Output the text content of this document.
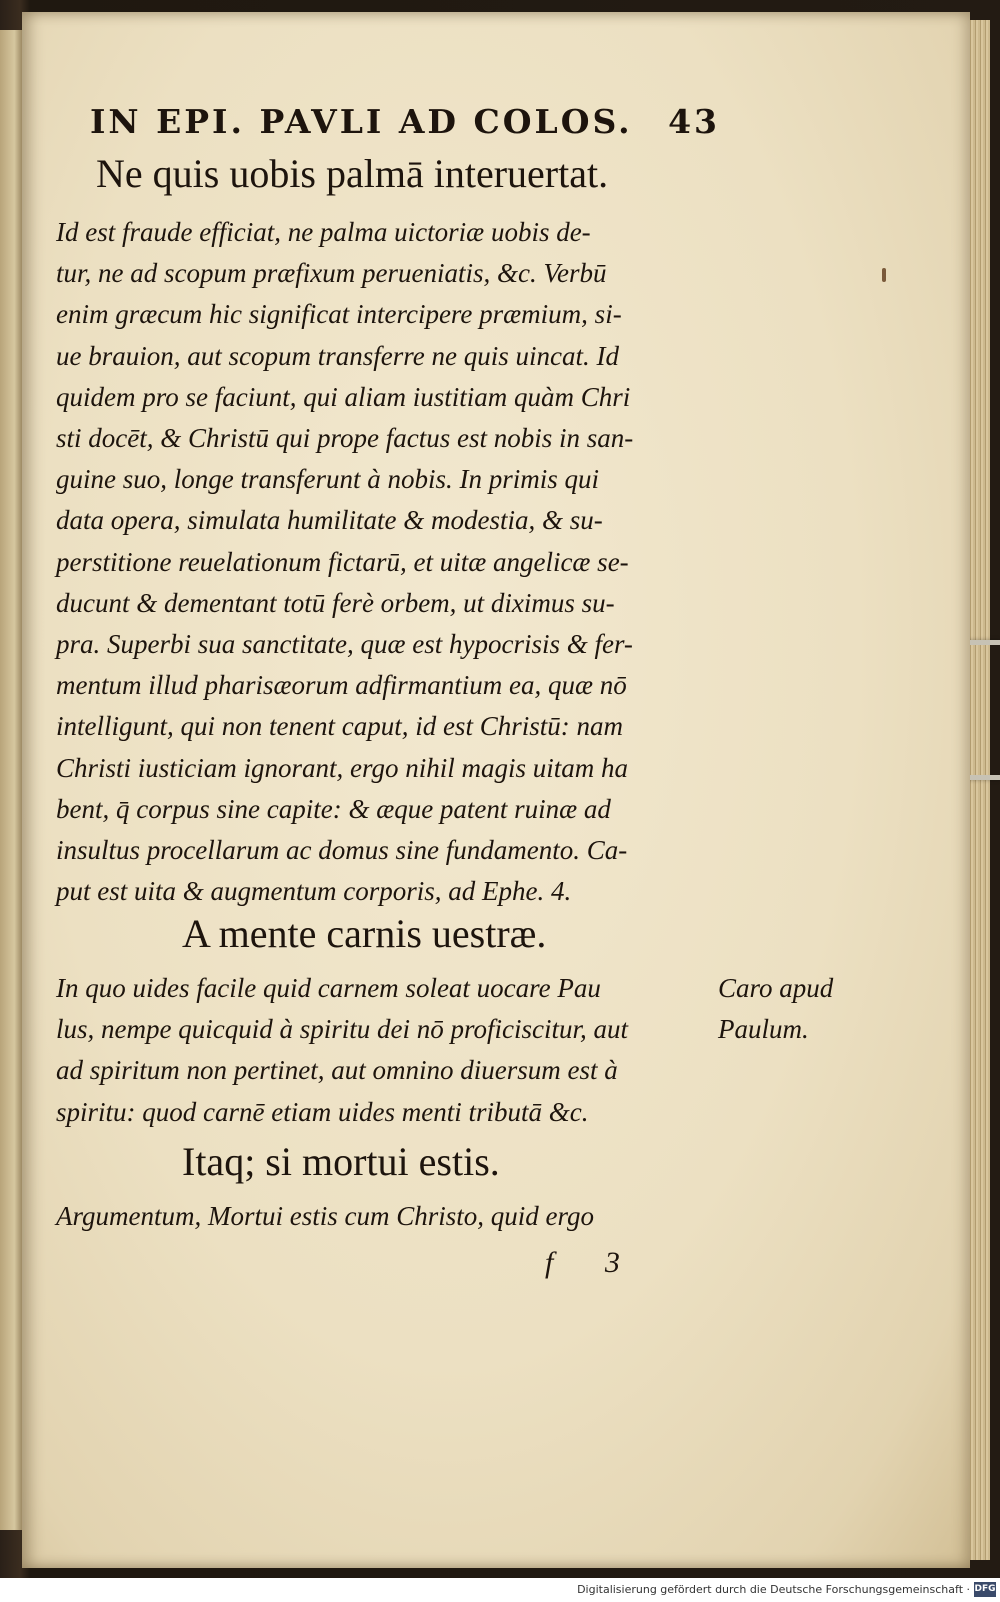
IN EPI. PAVLI AD COLOS. 43
Ne quis uobis palmā interuertat.
Id est fraude efficiat, ne palma uictoriæ uobis de-
tur, ne ad scopum præfixum perueniatis, &c. Verbū
enim græcum hic significat intercipere præmium, si-
ue brauion, aut scopum transferre ne quis uincat. Id
quidem pro se faciunt, qui aliam iustitiam quàm Chri
sti docēt, & Christū qui prope factus est nobis in san-
guine suo, longe transferunt à nobis. In primis qui
data opera, simulata humilitate & modestia, & su-
perstitione reuelationum fictarū, et uitæ angelicæ se-
ducunt & dementant totū ferè orbem, ut diximus su-
pra. Superbi sua sanctitate, quæ est hypocrisis & fer-
mentum illud pharisæorum adfirmantium ea, quæ nō
intelligunt, qui non tenent caput, id est Christū: nam
Christi iusticiam ignorant, ergo nihil magis uitam ha
bent, q̄ corpus sine capite: & æque patent ruinæ ad
insultus procellarum ac domus sine fundamento. Ca-
put est uita & augmentum corporis, ad Ephe. 4.
A mente carnis uestræ.
In quo uides facile quid carnem soleat uocare Pau
lus, nempe quicquid à spiritu dei nō proficiscitur, aut
ad spiritum non pertinet, aut omnino diuersum est à
spiritu: quod carnē etiam uides menti tributā &c.
Caro apud
Paulum.
Itaq; si mortui estis.
Argumentum, Mortui estis cum Christo, quid ergo
f 3
Digitalisierung gefördert durch die Deutsche Forschungsgemeinschaft · DFG
